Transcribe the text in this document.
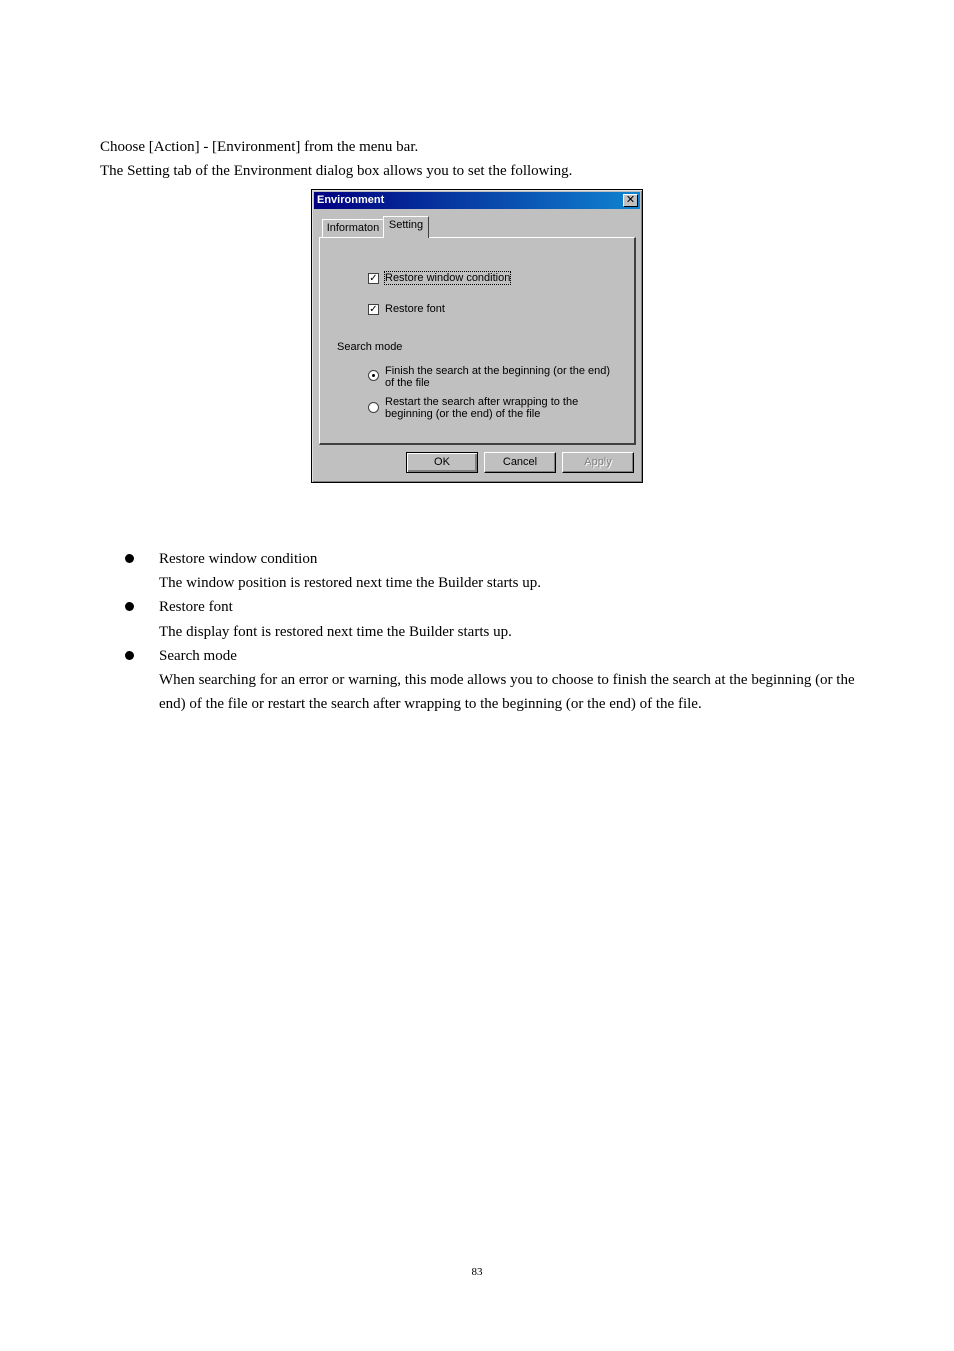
Choose [Action] - [Environment] from the menu bar.
The Setting tab of the Environment dialog box allows you to set the following.
Environment	✕
Informaton Setting
✓ Restore window condition
✓ Restore font
Search mode
Finish the search at the beginning (or the end)
of the file
Restart the search after wrapping to the
beginning (or the end) of the file
OK	Cancel	Apply
Restore window condition
The window position is restored next time the Builder starts up.
Restore font
The display font is restored next time the Builder starts up.
Search mode
When searching for an error or warning, this mode allows you to choose to finish the search at the beginning (or the end) of the file or restart the search after wrapping to the beginning (or the end) of the file.
83
